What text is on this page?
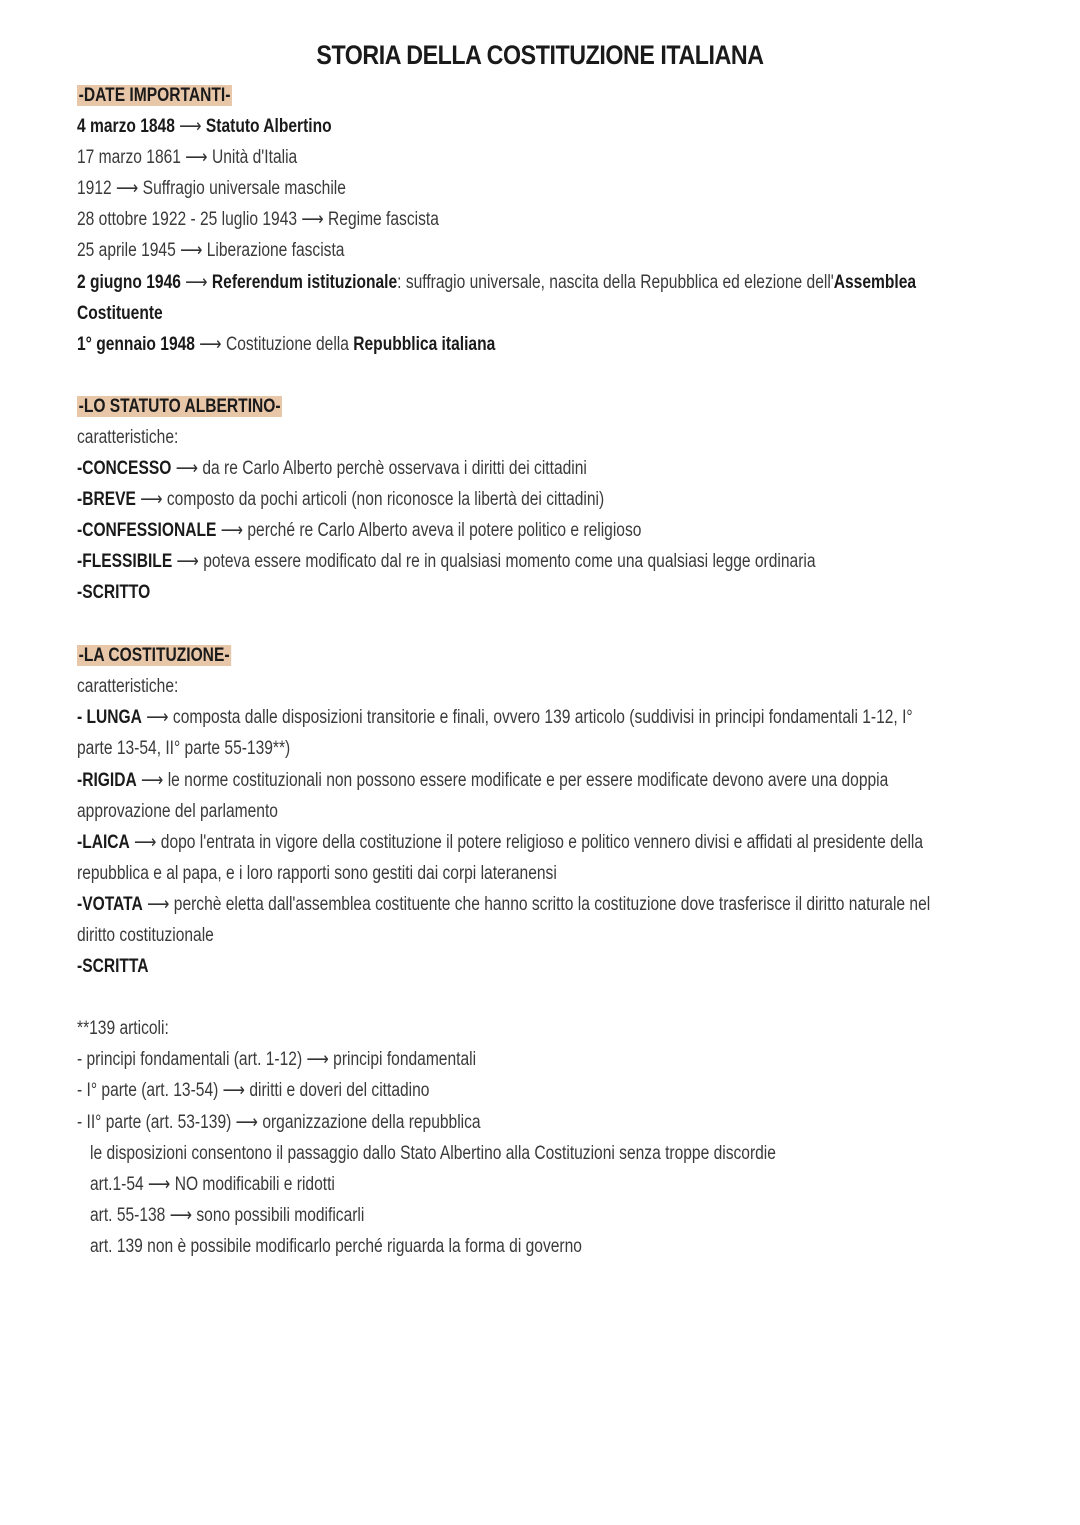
STORIA DELLA COSTITUZIONE ITALIANA
-DATE IMPORTANTI-
4 marzo 1848 ⟶ Statuto Albertino
17 marzo 1861 ⟶ Unità d'Italia
1912 ⟶ Suffragio universale maschile
28 ottobre 1922 - 25 luglio 1943 ⟶ Regime fascista
25 aprile 1945 ⟶ Liberazione fascista
2 giugno 1946 ⟶ Referendum istituzionale: suffragio universale, nascita della Repubblica ed elezione dell'Assemblea
Costituente
1° gennaio 1948 ⟶ Costituzione della Repubblica italiana
-LO STATUTO ALBERTINO-
caratteristiche:
-CONCESSO ⟶ da re Carlo Alberto perchè osservava i diritti dei cittadini
-BREVE ⟶ composto da pochi articoli (non riconosce la libertà dei cittadini)
-CONFESSIONALE ⟶ perché re Carlo Alberto aveva il potere politico e religioso
-FLESSIBILE ⟶ poteva essere modificato dal re in qualsiasi momento come una qualsiasi legge ordinaria
-SCRITTO
-LA COSTITUZIONE-
caratteristiche:
- LUNGA ⟶ composta dalle disposizioni transitorie e finali, ovvero 139 articolo (suddivisi in principi fondamentali 1-12, I°
parte 13-54, II° parte 55-139**)
-RIGIDA ⟶ le norme costituzionali non possono essere modificate e per essere modificate devono avere una doppia
approvazione del parlamento
-LAICA ⟶ dopo l'entrata in vigore della costituzione il potere religioso e politico vennero divisi e affidati al presidente della
repubblica e al papa, e i loro rapporti sono gestiti dai corpi lateranensi
-VOTATA ⟶ perchè eletta dall'assemblea costituente che hanno scritto la costituzione dove trasferisce il diritto naturale nel
diritto costituzionale
-SCRITTA
**139 articoli:
- principi fondamentali (art. 1-12) ⟶ principi fondamentali
- I° parte (art. 13-54) ⟶ diritti e doveri del cittadino
- II° parte (art. 53-139) ⟶ organizzazione della repubblica
le disposizioni consentono il passaggio dallo Stato Albertino alla Costituzioni senza troppe discordie
art.1-54 ⟶ NO modificabili e ridotti
art. 55-138 ⟶ sono possibili modificarli
art. 139 non è possibile modificarlo perché riguarda la forma di governo
